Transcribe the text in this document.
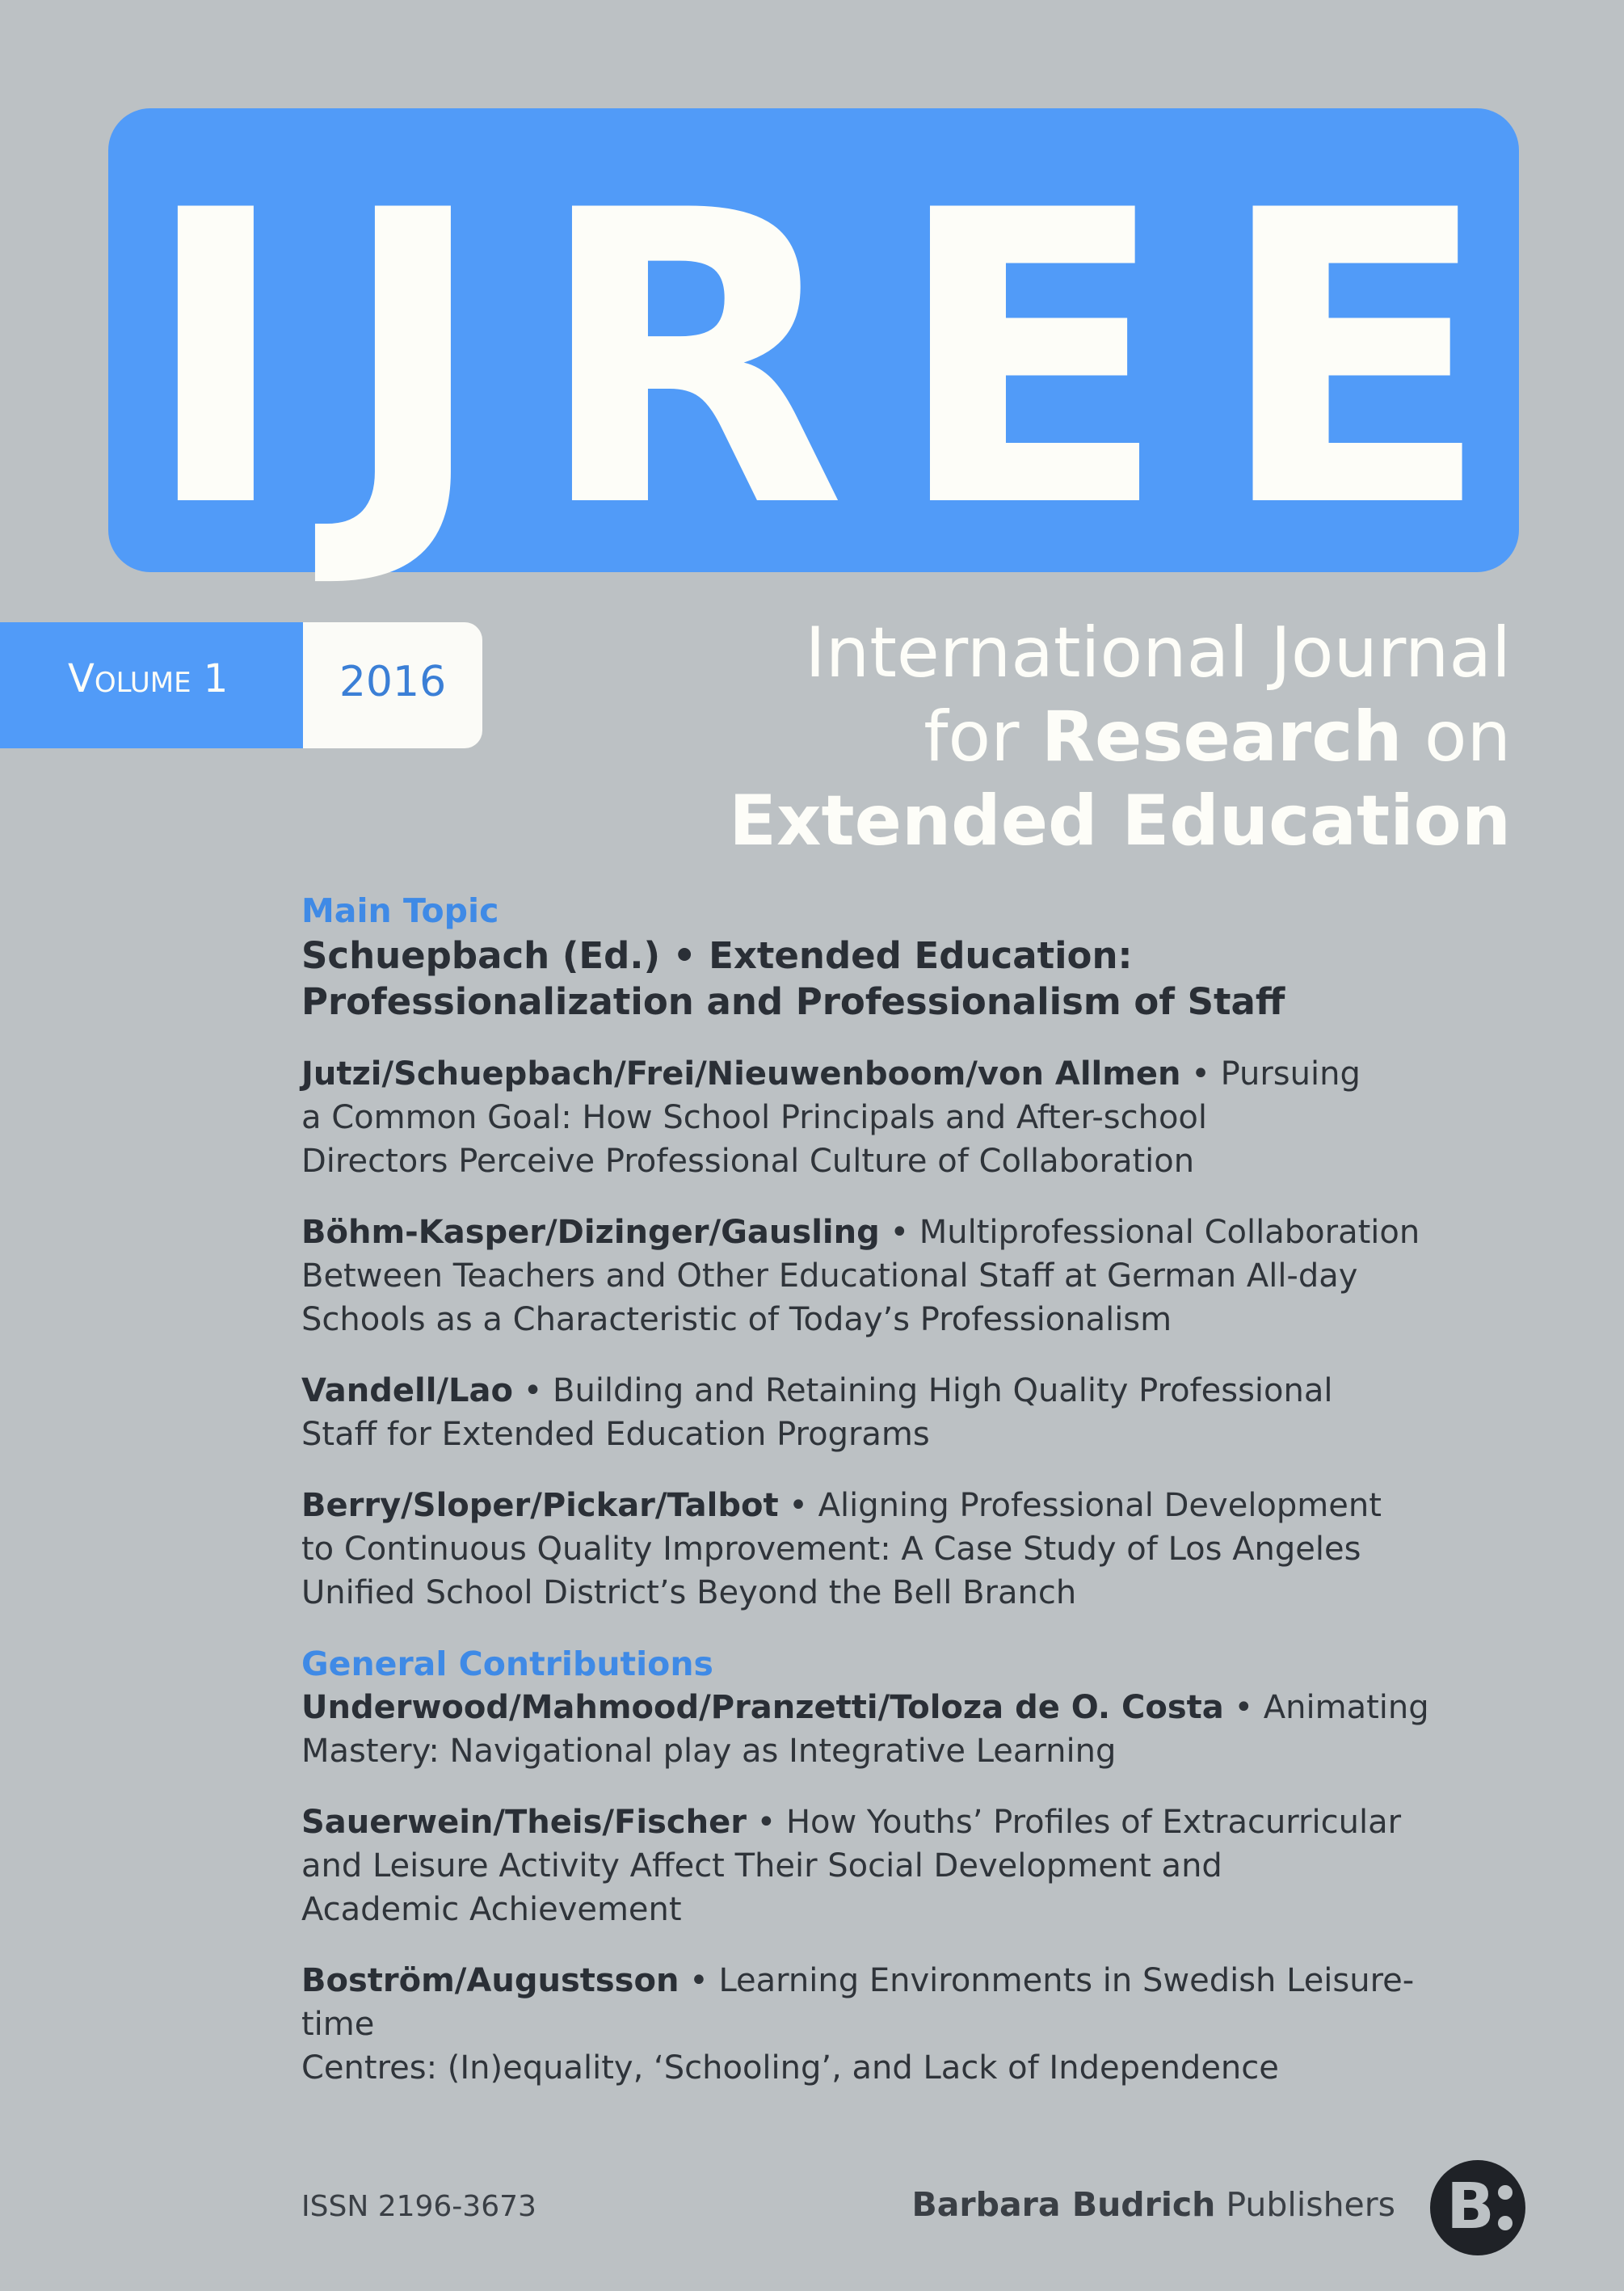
IJREE
Volume 1	2016	International Journal
for Research on
Extended Education
Main Topic
Schuepbach (Ed.) • Extended Education:
Professionalization and Professionalism of Staff
Jutzi/Schuepbach/Frei/Nieuwenboom/von Allmen • Pursuing
a Common Goal: How School Principals and After-school
Directors Perceive Professional Culture of Collaboration
Böhm-Kasper/Dizinger/Gausling • Multiprofessional Collaboration
Between Teachers and Other Educational Staff at German All-day
Schools as a Characteristic of Today’s Professionalism
Vandell/Lao • Building and Retaining High Quality Professional
Staff for Extended Education Programs
Berry/Sloper/Pickar/Talbot • Aligning Professional Development
to Continuous Quality Improvement: A Case Study of Los Angeles
Unified School District’s Beyond the Bell Branch
General Contributions
Underwood/Mahmood/Pranzetti/Toloza de O. Costa • Animating
Mastery: Navigational play as Integrative Learning
Sauerwein/Theis/Fischer • How Youths’ Profiles of Extracurricular
and Leisure Activity Affect Their Social Development and
Academic Achievement
Boström/Augustsson • Learning Environments in Swedish Leisure-time
Centres: (In)equality, ‘Schooling’, and Lack of Independence
ISSN 2196-3673	Barbara Budrich Publishers B
